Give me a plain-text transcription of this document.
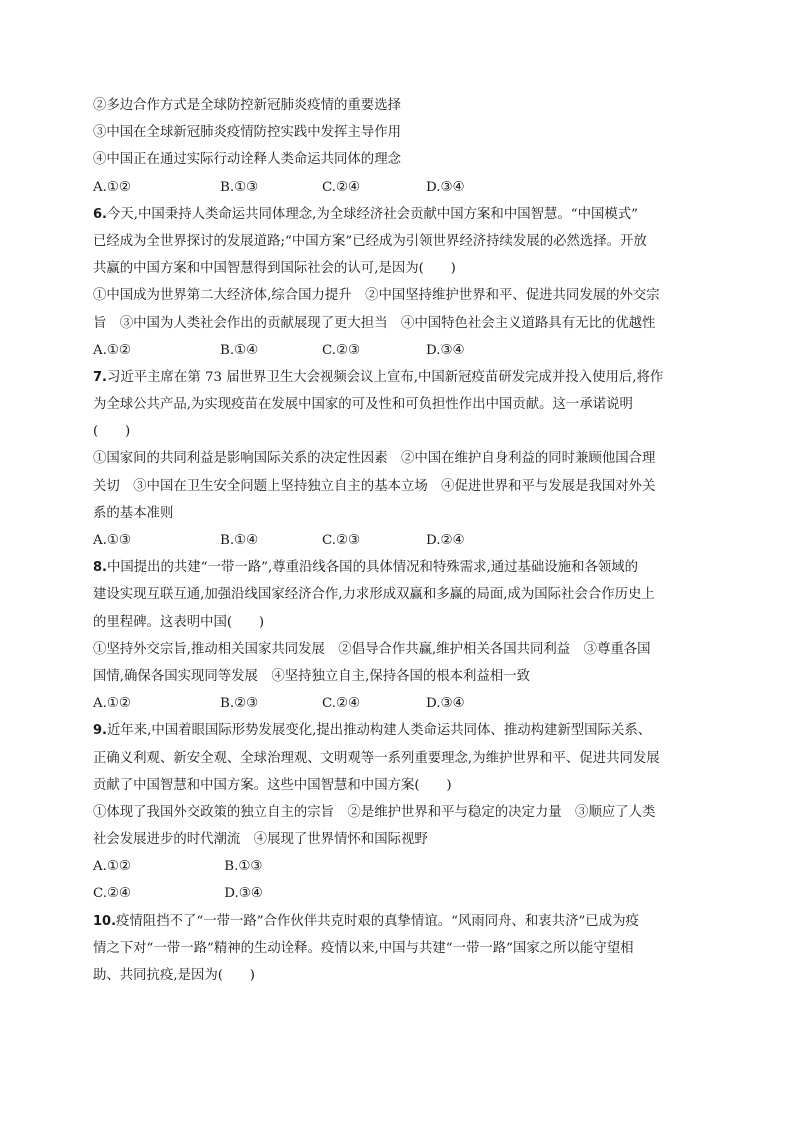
②多边合作方式是全球防控新冠肺炎疫情的重要选择
③中国在全球新冠肺炎疫情防控实践中发挥主导作用
④中国正在通过实际行动诠释人类命运共同体的理念
A.①②	B.①③	C.②④	D.③④
6.今天,中国秉持人类命运共同体理念,为全球经济社会贡献中国方案和中国智慧。“中国模式”
已经成为全世界探讨的发展道路;“中国方案”已经成为引领世界经济持续发展的必然选择。开放
共赢的中国方案和中国智慧得到国际社会的认可,是因为(　　)
①中国成为世界第二大经济体,综合国力提升　②中国坚持维护世界和平、促进共同发展的外交宗
旨　③中国为人类社会作出的贡献展现了更大担当　④中国特色社会主义道路具有无比的优越性
A.①②	B.①④	C.②③	D.③④
7.习近平主席在第 73 届世界卫生大会视频会议上宣布,中国新冠疫苗研发完成并投入使用后,将作
为全球公共产品,为实现疫苗在发展中国家的可及性和可负担性作出中国贡献。这一承诺说明
(　　)
①国家间的共同利益是影响国际关系的决定性因素　②中国在维护自身利益的同时兼顾他国合理
关切　③中国在卫生安全问题上坚持独立自主的基本立场　④促进世界和平与发展是我国对外关
系的基本准则
A.①③	B.①④	C.②③	D.②④
8.中国提出的共建“一带一路”,尊重沿线各国的具体情况和特殊需求,通过基础设施和各领域的
建设实现互联互通,加强沿线国家经济合作,力求形成双赢和多赢的局面,成为国际社会合作历史上
的里程碑。这表明中国(　　)
①坚持外交宗旨,推动相关国家共同发展　②倡导合作共赢,维护相关各国共同利益　③尊重各国
国情,确保各国实现同等发展　④坚持独立自主,保持各国的根本利益相一致
A.①②	B.②③	C.②④	D.③④
9.近年来,中国着眼国际形势发展变化,提出推动构建人类命运共同体、推动构建新型国际关系、
正确义利观、新安全观、全球治理观、文明观等一系列重要理念,为维护世界和平、促进共同发展
贡献了中国智慧和中国方案。这些中国智慧和中国方案(　　)
①体现了我国外交政策的独立自主的宗旨　②是维护世界和平与稳定的决定力量　③顺应了人类
社会发展进步的时代潮流　④展现了世界情怀和国际视野
A.①②	B.①③
C.②④	D.③④
10.疫情阻挡不了“一带一路”合作伙伴共克时艰的真挚情谊。“风雨同舟、和衷共济”已成为疫
情之下对“一带一路”精神的生动诠释。疫情以来,中国与共建“一带一路”国家之所以能守望相
助、共同抗疫,是因为(　　)
